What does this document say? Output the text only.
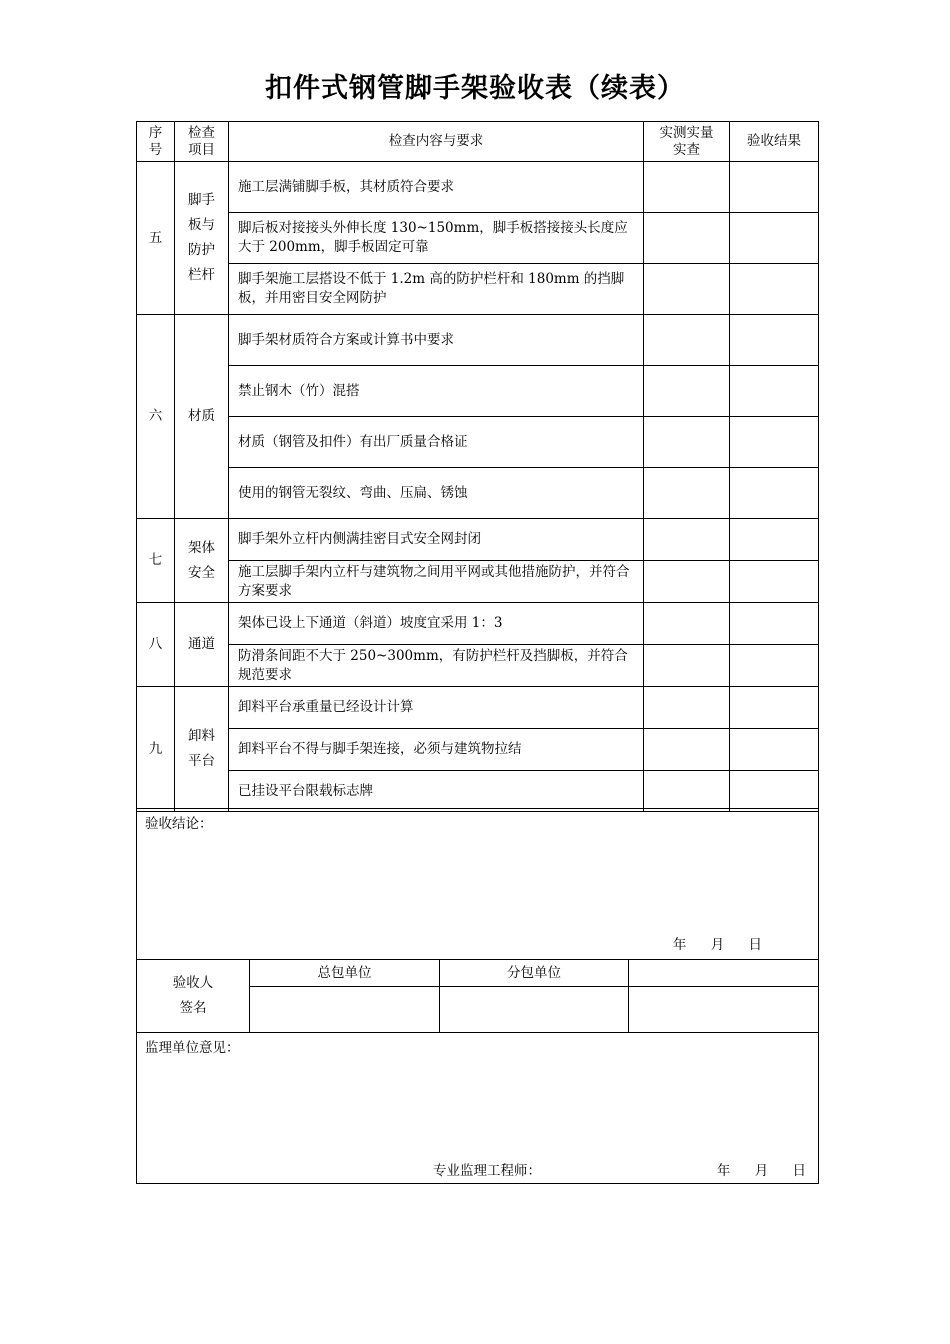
扣件式钢管脚手架验收表（续表）
序号	检查项目	检查内容与要求	实测实量实查	验收结果
五	脚手板与防护栏杆	施工层满铺脚手板，其材质符合要求		
		脚后板对接接头外伸长度 130~150mm，脚手板搭接接头长度应大于 200mm，脚手板固定可靠		
		脚手架施工层搭设不低于 1.2m 高的防护栏杆和 180mm 的挡脚板，并用密目安全网防护		
六	材质	脚手架材质符合方案或计算书中要求		
		禁止钢木（竹）混搭		
		材质（钢管及扣件）有出厂质量合格证		
		使用的钢管无裂纹、弯曲、压扁、锈蚀		
七	架体安全	脚手架外立杆内侧满挂密目式安全网封闭		
		施工层脚手架内立杆与建筑物之间用平网或其他措施防护，并符合方案要求		
八	通道	架体已设上下通道（斜道）坡度宜采用 1：3		
		防滑条间距不大于 250~300mm，有防护栏杆及挡脚板，并符合规范要求		
九	卸料平台	卸料平台承重量已经设计计算		
		卸料平台不得与脚手架连接，必须与建筑物拉结		
		已挂设平台限载标志牌		
验收结论：
年 月 日			

验收人签名	总包单位	分包单位	

监理单位意见：
专业监理工程师： 年 月 日			
